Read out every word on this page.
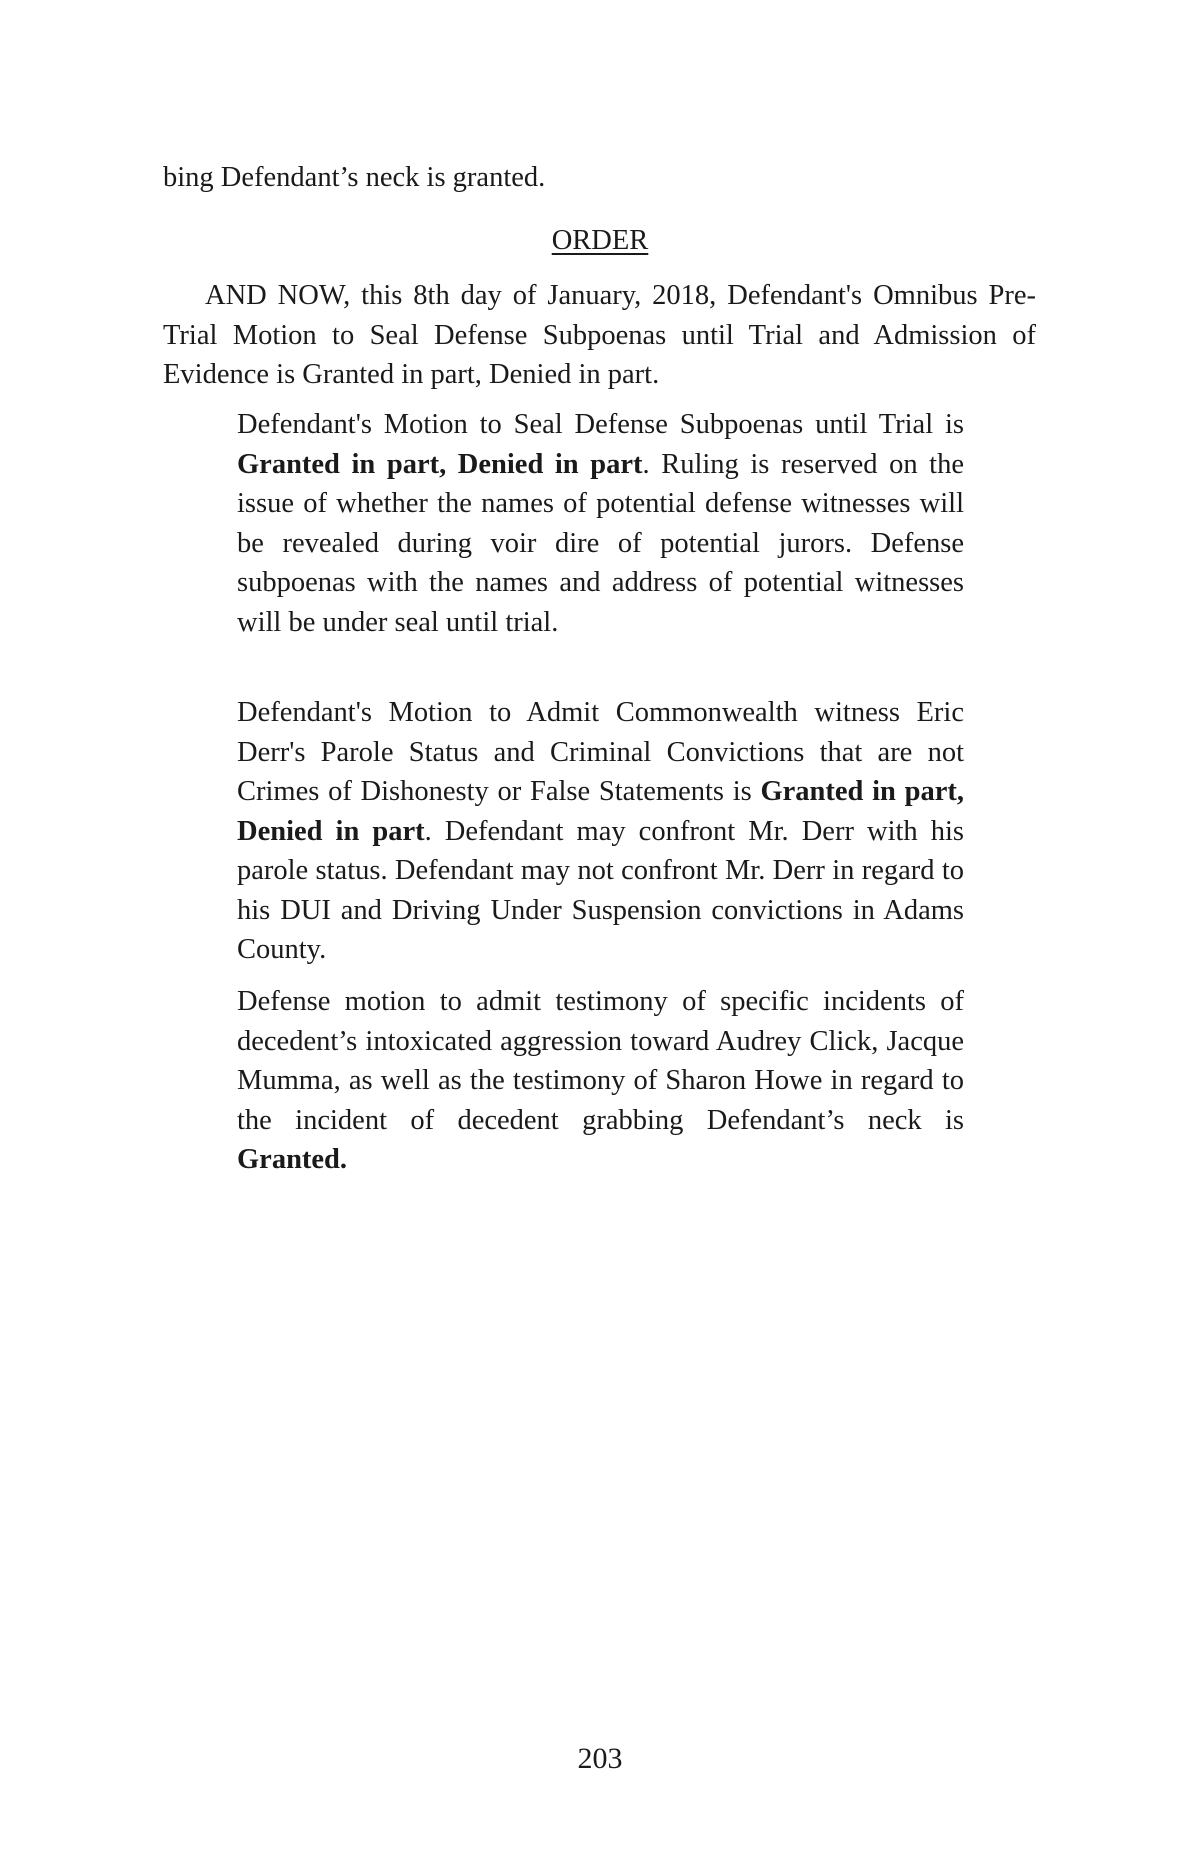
bing Defendant’s neck is granted.

ORDER

AND NOW, this 8th day of January, 2018, Defendant's Omnibus Pre-Trial Motion to Seal Defense Subpoenas until Trial and Admission of Evidence is Granted in part, Denied in part.

Defendant's Motion to Seal Defense Subpoenas until Trial is Granted in part, Denied in part. Ruling is reserved on the issue of whether the names of potential defense witnesses will be revealed during voir dire of potential jurors. Defense subpoenas with the names and address of potential witnesses will be under seal until trial.

Defendant's Motion to Admit Commonwealth witness Eric Derr's Parole Status and Criminal Convictions that are not Crimes of Dishonesty or False Statements is Granted in part, Denied in part. Defendant may confront Mr. Derr with his parole status. Defendant may not confront Mr. Derr in regard to his DUI and Driving Under Suspension convictions in Adams County.

Defense motion to admit testimony of specific incidents of decedent’s intoxicated aggression toward Audrey Click, Jacque Mumma, as well as the testimony of Sharon Howe in regard to the incident of decedent grabbing Defendant’s neck is Granted.

203
